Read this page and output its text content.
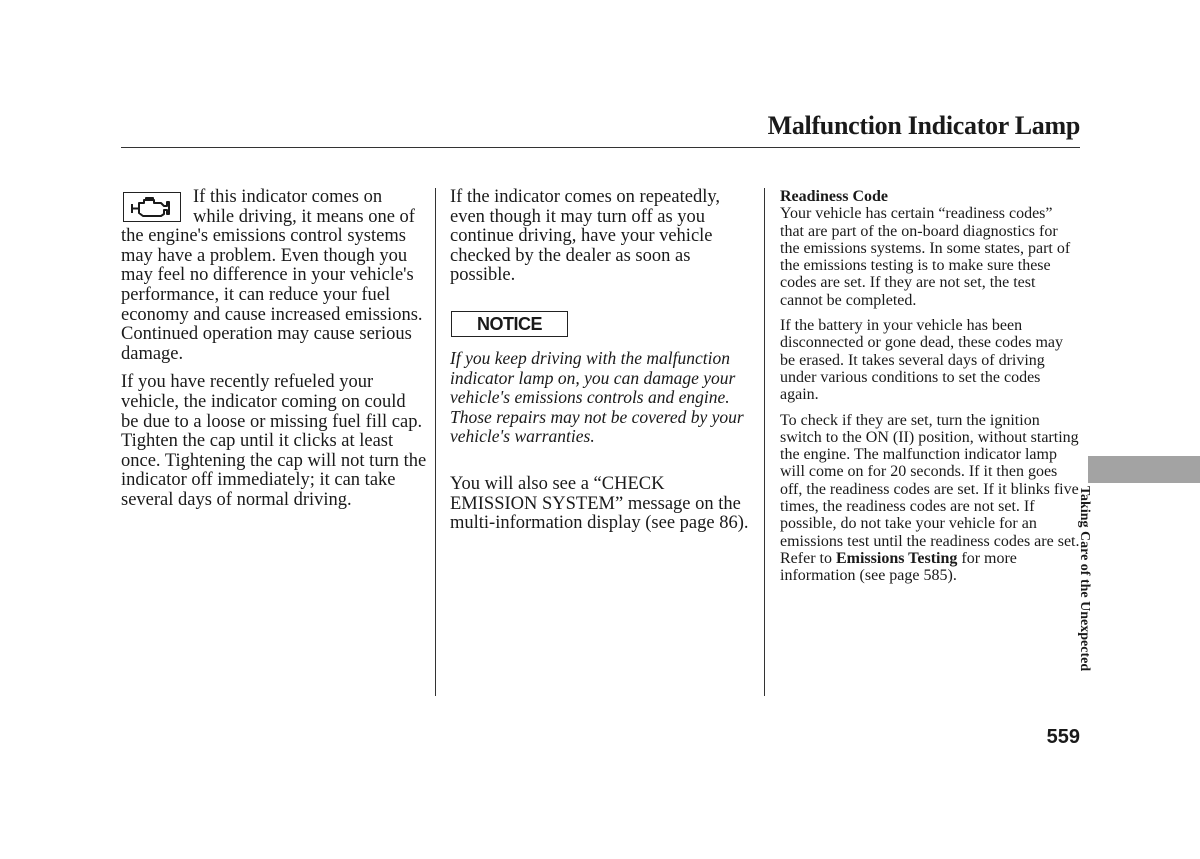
Malfunction Indicator Lamp

If this indicator comes on while driving, it means one of the engine's emissions control systems may have a problem. Even though you may feel no difference in your vehicle's performance, it can reduce your fuel economy and cause increased emissions. Continued operation may cause serious damage.

If you have recently refueled your vehicle, the indicator coming on could be due to a loose or missing fuel fill cap. Tighten the cap until it clicks at least once. Tightening the cap will not turn the indicator off immediately; it can take several days of normal driving.

If the indicator comes on repeatedly, even though it may turn off as you continue driving, have your vehicle checked by the dealer as soon as possible.

NOTICE

If you keep driving with the malfunction indicator lamp on, you can damage your vehicle's emissions controls and engine. Those repairs may not be covered by your vehicle's warranties.

You will also see a “CHECK EMISSION SYSTEM” message on the multi-information display (see page 86).

Readiness Code

Your vehicle has certain “readiness codes” that are part of the on-board diagnostics for the emissions systems. In some states, part of the emissions testing is to make sure these codes are set. If they are not set, the test cannot be completed.

If the battery in your vehicle has been disconnected or gone dead, these codes may be erased. It takes several days of driving under various conditions to set the codes again.

To check if they are set, turn the ignition switch to the ON (II) position, without starting the engine. The malfunction indicator lamp will come on for 20 seconds. If it then goes off, the readiness codes are set. If it blinks five times, the readiness codes are not set. If possible, do not take your vehicle for an emissions test until the readiness codes are set. Refer to Emissions Testing for more information (see page 585).	Taking Care of the Unexpected
559
